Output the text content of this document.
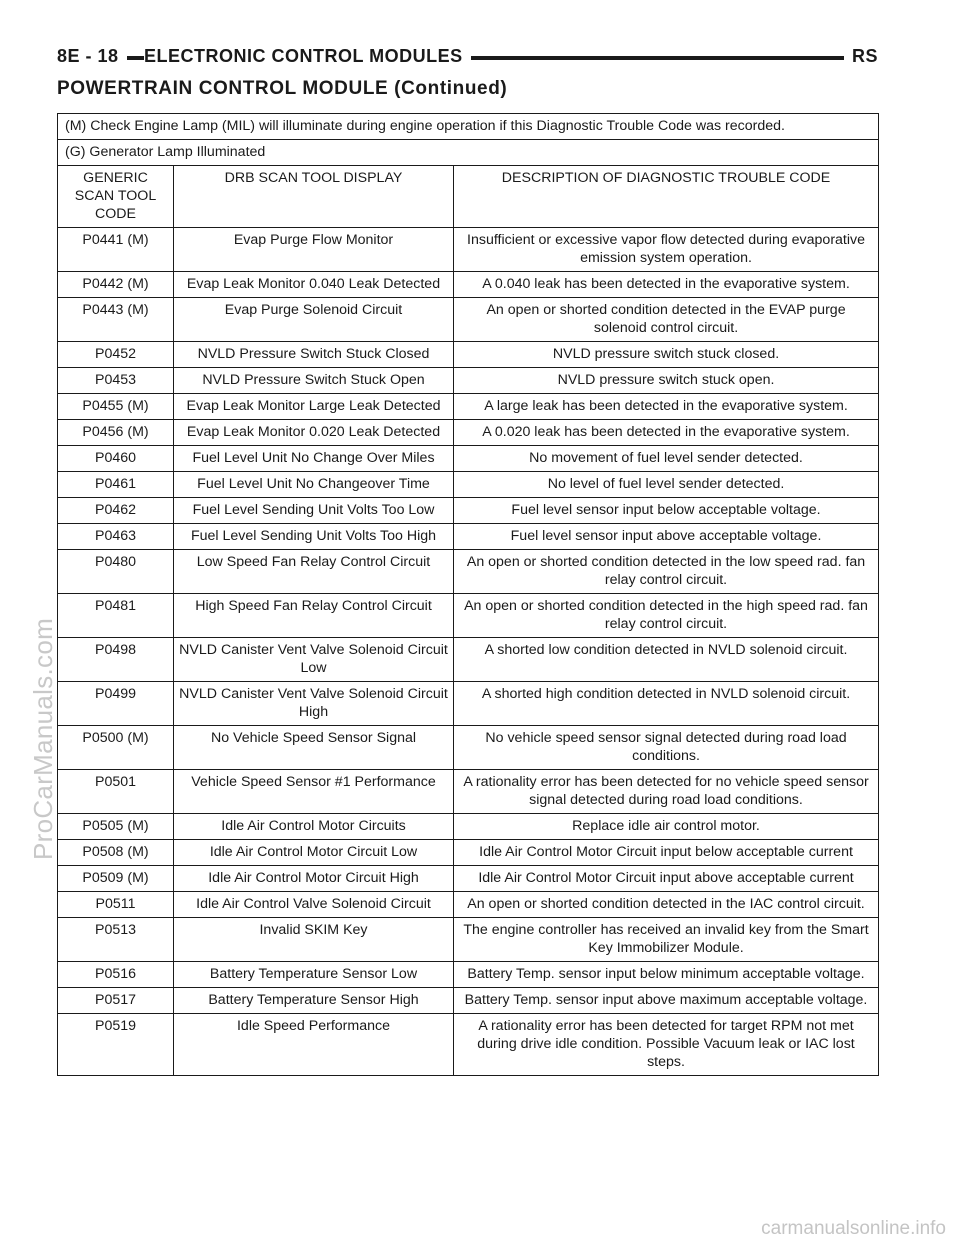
8E - 18	ELECTRONIC CONTROL MODULES	RS
POWERTRAIN CONTROL MODULE (Continued)
(M) Check Engine Lamp (MIL) will illuminate during engine operation if this Diagnostic Trouble Code was recorded.		
(G) Generator Lamp Illuminated		
GENERIC SCAN TOOL CODE	DRB SCAN TOOL DISPLAY	DESCRIPTION OF DIAGNOSTIC TROUBLE CODE
P0441 (M)	Evap Purge Flow Monitor	Insufficient or excessive vapor flow detected during evaporative emission system operation.
P0442 (M)	Evap Leak Monitor 0.040 Leak Detected	A 0.040 leak has been detected in the evaporative system.
P0443 (M)	Evap Purge Solenoid Circuit	An open or shorted condition detected in the EVAP purge solenoid control circuit.
P0452	NVLD Pressure Switch Stuck Closed	NVLD pressure switch stuck closed.
P0453	NVLD Pressure Switch Stuck Open	NVLD pressure switch stuck open.
P0455 (M)	Evap Leak Monitor Large Leak Detected	A large leak has been detected in the evaporative system.
P0456 (M)	Evap Leak Monitor 0.020 Leak Detected	A 0.020 leak has been detected in the evaporative system.
P0460	Fuel Level Unit No Change Over Miles	No movement of fuel level sender detected.
P0461	Fuel Level Unit No Changeover Time	No level of fuel level sender detected.
P0462	Fuel Level Sending Unit Volts Too Low	Fuel level sensor input below acceptable voltage.
P0463	Fuel Level Sending Unit Volts Too High	Fuel level sensor input above acceptable voltage.
P0480	Low Speed Fan Relay Control Circuit	An open or shorted condition detected in the low speed rad. fan relay control circuit.
P0481	High Speed Fan Relay Control Circuit	An open or shorted condition detected in the high speed rad. fan relay control circuit.
P0498	NVLD Canister Vent Valve Solenoid Circuit Low	A shorted low condition detected in NVLD solenoid circuit.
P0499	NVLD Canister Vent Valve Solenoid Circuit High	A shorted high condition detected in NVLD solenoid circuit.
P0500 (M)	No Vehicle Speed Sensor Signal	No vehicle speed sensor signal detected during road load conditions.
P0501	Vehicle Speed Sensor #1 Performance	A rationality error has been detected for no vehicle speed sensor signal detected during road load conditions.
P0505 (M)	Idle Air Control Motor Circuits	Replace idle air control motor.
P0508 (M)	Idle Air Control Motor Circuit Low	Idle Air Control Motor Circuit input below acceptable current
P0509 (M)	Idle Air Control Motor Circuit High	Idle Air Control Motor Circuit input above acceptable current
P0511	Idle Air Control Valve Solenoid Circuit	An open or shorted condition detected in the IAC control circuit.
P0513	Invalid SKIM Key	The engine controller has received an invalid key from the Smart Key Immobilizer Module.
P0516	Battery Temperature Sensor Low	Battery Temp. sensor input below minimum acceptable voltage.
P0517	Battery Temperature Sensor High	Battery Temp. sensor input above maximum acceptable voltage.
P0519	Idle Speed Performance	A rationality error has been detected for target RPM not met during drive idle condition. Possible Vacuum leak or IAC lost steps.
ProCarManuals.com
carmanualsonline.info
